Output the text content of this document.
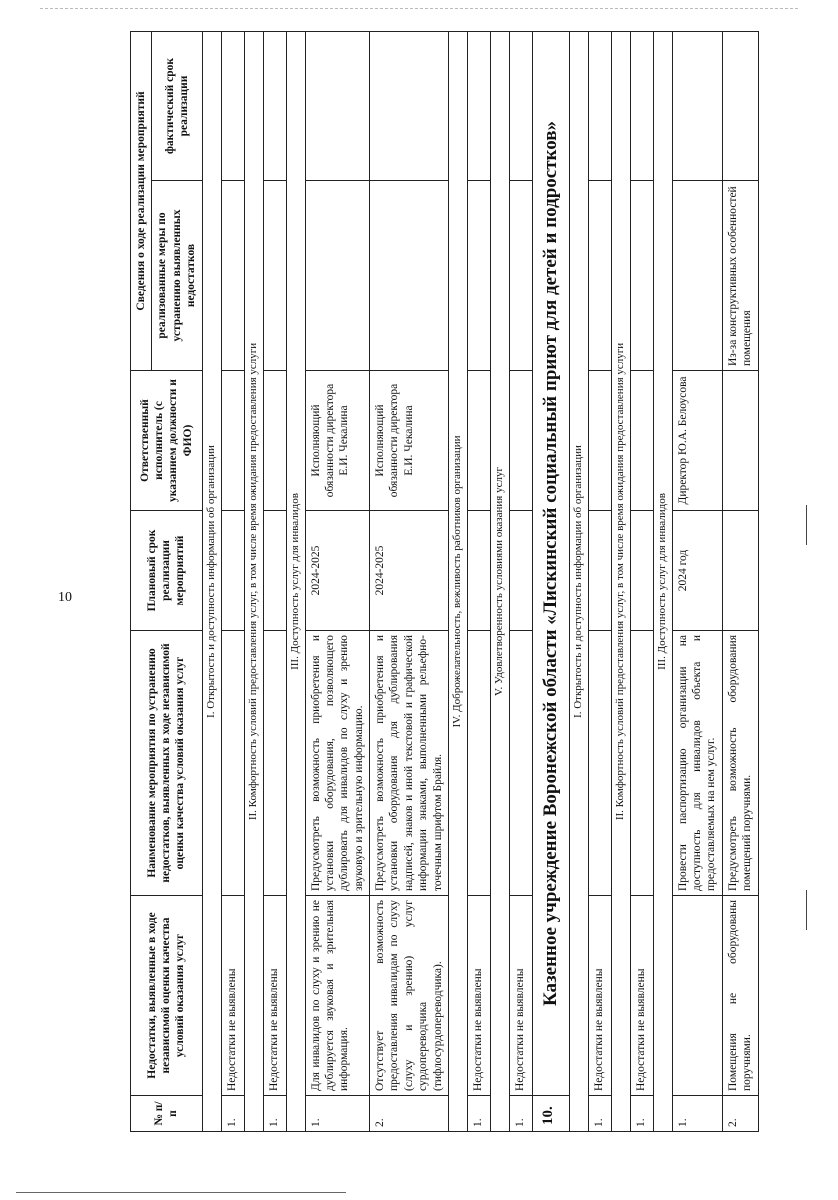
10
№ п/п	Недостатки, выявленные в ходе независимой оценки качества условий оказания услуг	Наименование мероприятия по устранению недостатков, выявленных в ходе независимой оценки качества условий оказания услуг	Плановый срок реализации мероприятий	Ответственный исполнитель (с указанием должности и ФИО)	Сведения о ходе реализации мероприятий	
					реализованные меры по устранению выявленных недостатков	фактический срок реализации
I. Открытость и доступность информации об организации						
1.	Недостатки не выявлены					
II. Комфортность условий предоставления услуг, в том числе время ожидания предоставления услуги						
1.	Недостатки не выявлены					
III. Доступность услуг для инвалидов						
1.	Для инвалидов по слуху и зрению не дублируется звуковая и зрительная информация.	Предусмотреть возможность приобретения и установки оборудования, позволяющего дублировать для инвалидов по слуху и зрению звуковую и зрительную информацию.	2024-2025	Исполняющий обязанности директора Е.И. Чекалина		
2.	Отсутствует возможность предоставления инвалидам по слуху (слуху и зрению) услуг сурдопереводчика (тифлосурдопереводчика).	Предусмотреть возможность приобретения и установки оборудования для дублирования надписей, знаков и иной текстовой и графической информации знаками, выполненными рельефно-точечным шрифтом Брайля.	2024-2025	Исполняющий обязанности директора Е.И. Чекалина		
IV. Доброжелательность, вежливость работников организации						
1.	Недостатки не выявлены					
V. Удовлетворенность условиями оказания услуг						
1.	Недостатки не выявлены					
10.	Казенное учреждение Воронежской области «Лискинский социальный приют для детей и подростков»					
I. Открытость и доступность информации об организации						
1.	Недостатки не выявлены					
II. Комфортность условий предоставления услуг, в том числе время ожидания предоставления услуги						
1.	Недостатки не выявлены					
III. Доступность услуг для инвалидов						
1.		Провести паспортизацию организации на доступность для инвалидов объекта и предоставляемых на нем услуг.	2024 год	Директор Ю.А. Белоусова		
2.	Помещения не оборудованы поручнями.	Предусмотреть возможность оборудования помещений поручнями.			Из-за конструктивных особенностей помещения	
